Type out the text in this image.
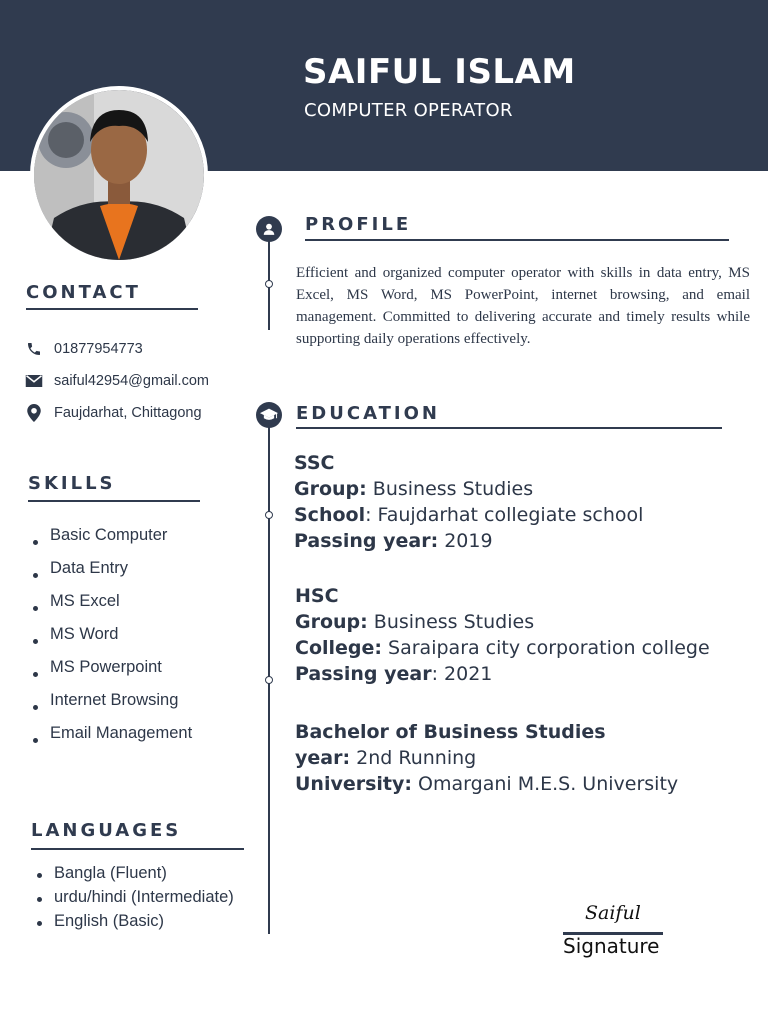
SAIFUL ISLAM
COMPUTER OPERATOR
CONTACT
01877954773
saiful42954@gmail.com
Faujdarhat, Chittagong
SKILLS
Basic Computer
Data Entry
MS Excel
MS Word
MS Powerpoint
Internet Browsing
Email Management
LANGUAGES
Bangla (Fluent)
urdu/hindi (Intermediate)
English (Basic)
PROFILE
Efficient and organized computer operator with skills in data entry, MS Excel, MS Word, MS PowerPoint, internet browsing, and email management. Committed to delivering accurate and timely results while supporting daily operations effectively.
EDUCATION
SSC
Group: Business Studies
School: Faujdarhat collegiate school
Passing year: 2019
HSC
Group: Business Studies
College: Saraipara city corporation college
Passing year: 2021
Bachelor of Business Studies
year: 2nd Running
University: Omargani M.E.S. University
Saiful
Signature
